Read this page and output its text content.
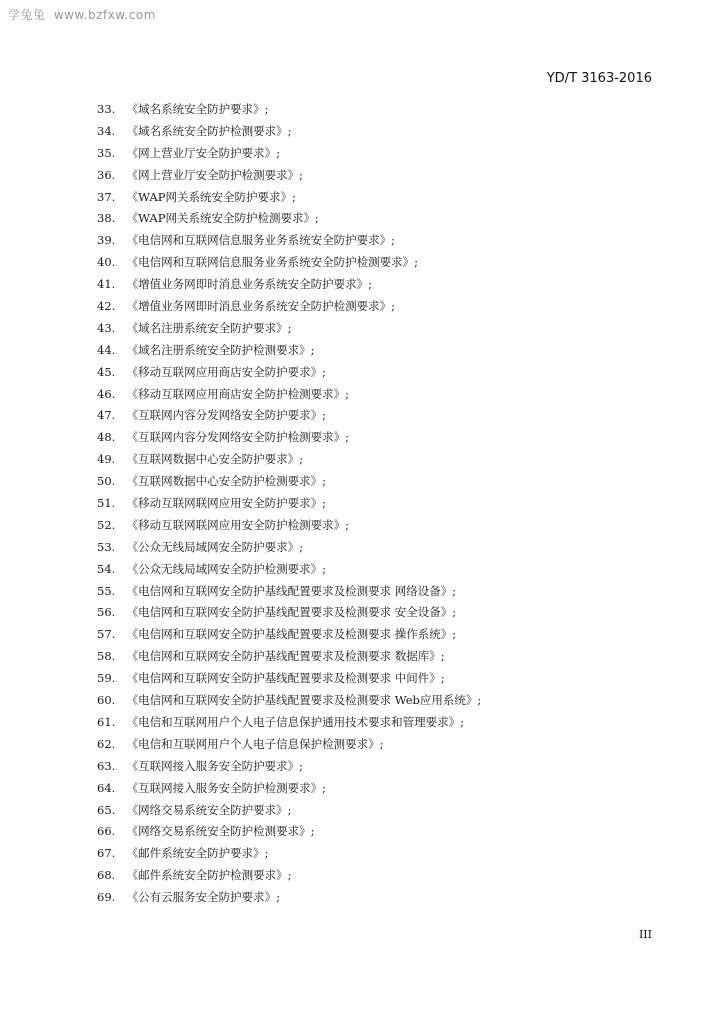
学兔兔 www.bzfxw.com
YD/T 3163-2016
33. 《域名系统安全防护要求》;
34. 《域名系统安全防护检测要求》;
35. 《网上营业厅安全防护要求》;
36. 《网上营业厅安全防护检测要求》;
37. 《WAP网关系统安全防护要求》;
38. 《WAP网关系统安全防护检测要求》;
39. 《电信网和互联网信息服务业务系统安全防护要求》;
40. 《电信网和互联网信息服务业务系统安全防护检测要求》;
41. 《增值业务网即时消息业务系统安全防护要求》;
42. 《增值业务网即时消息业务系统安全防护检测要求》;
43. 《域名注册系统安全防护要求》;
44. 《域名注册系统安全防护检测要求》;
45. 《移动互联网应用商店安全防护要求》;
46. 《移动互联网应用商店安全防护检测要求》;
47. 《互联网内容分发网络安全防护要求》;
48. 《互联网内容分发网络安全防护检测要求》;
49. 《互联网数据中心安全防护要求》;
50. 《互联网数据中心安全防护检测要求》;
51. 《移动互联网联网应用安全防护要求》;
52. 《移动互联网联网应用安全防护检测要求》;
53. 《公众无线局域网安全防护要求》;
54. 《公众无线局域网安全防护检测要求》;
55. 《电信网和互联网安全防护基线配置要求及检测要求 网络设备》;
56. 《电信网和互联网安全防护基线配置要求及检测要求 安全设备》;
57. 《电信网和互联网安全防护基线配置要求及检测要求 操作系统》;
58. 《电信网和互联网安全防护基线配置要求及检测要求 数据库》;
59. 《电信网和互联网安全防护基线配置要求及检测要求 中间件》;
60. 《电信网和互联网安全防护基线配置要求及检测要求 Web应用系统》;
61. 《电信和互联网用户个人电子信息保护通用技术要求和管理要求》;
62. 《电信和互联网用户个人电子信息保护检测要求》;
63. 《互联网接入服务安全防护要求》;
64. 《互联网接入服务安全防护检测要求》;
65. 《网络交易系统安全防护要求》;
66. 《网络交易系统安全防护检测要求》;
67. 《邮件系统安全防护要求》;
68. 《邮件系统安全防护检测要求》;
69. 《公有云服务安全防护要求》;
III
